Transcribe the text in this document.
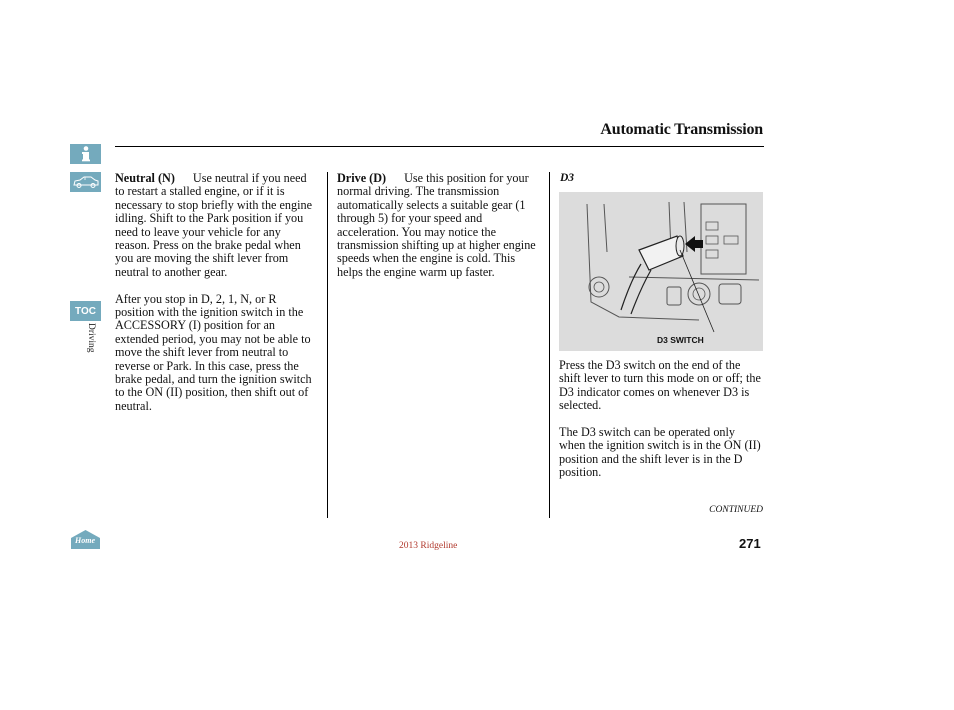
TOC
Driving
Home
Automatic Transmission

Neutral (N) Use neutral if you need to restart a stalled engine, or if it is necessary to stop briefly with the engine idling. Shift to the Park position if you need to leave your vehicle for any reason. Press on the brake pedal when you are moving the shift lever from neutral to another gear.

After you stop in D, 2, 1, N, or R position with the ignition switch in the ACCESSORY (I) position for an extended period, you may not be able to move the shift lever from neutral to reverse or Park. In this case, press the brake pedal, and turn the ignition switch to the ON (II) position, then shift out of neutral.

Drive (D) Use this position for your normal driving. The transmission automatically selects a suitable gear (1 through 5) for your speed and acceleration. You may notice the transmission shifting up at higher engine speeds when the engine is cold. This helps the engine warm up faster.

D3
D3 SWITCH

Press the D3 switch on the end of the shift lever to turn this mode on or off; the D3 indicator comes on whenever D3 is selected.

The D3 switch can be operated only when the ignition switch is in the ON (II) position and the shift lever is in the D position.

CONTINUED
2013 Ridgeline	271
